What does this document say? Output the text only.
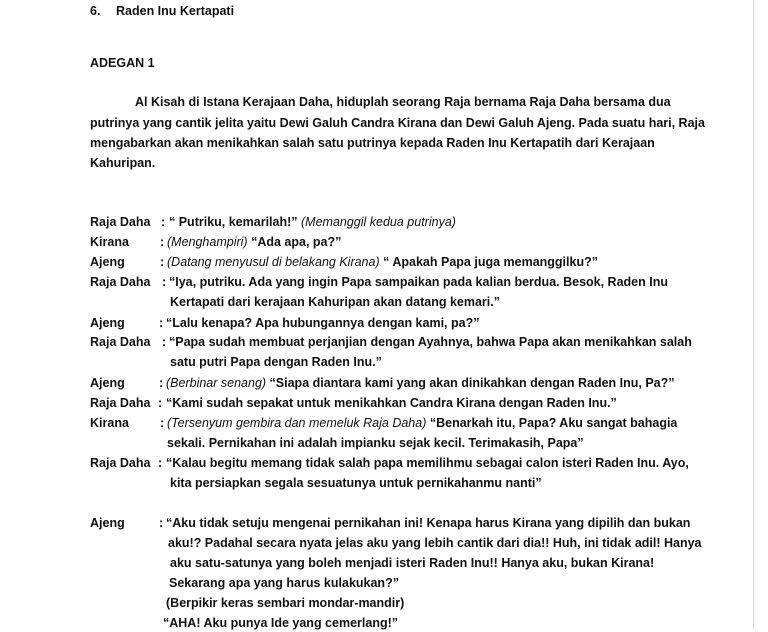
6. Raden Inu Kertapati
ADEGAN 1
Al Kisah di Istana Kerajaan Daha, hiduplah seorang Raja bernama Raja Daha bersama dua
putrinya yang cantik jelita yaitu Dewi Galuh Candra Kirana dan Dewi Galuh Ajeng. Pada suatu hari, Raja
mengabarkan akan menikahkan salah satu putrinya kepada Raden Inu Kertapatih dari Kerajaan
Kahuripan.
Raja Daha : “ Putriku, kemarilah!” (Memanggil kedua putrinya)
Kirana	: (Menghampiri) “Ada apa, pa?”
Ajeng	: (Datang menyusul di belakang Kirana) “ Apakah Papa juga memanggilku?”
Raja Daha : “Iya, putriku. Ada yang ingin Papa sampaikan pada kalian berdua. Besok, Raden Inu
Kertapati dari kerajaan Kahuripan akan datang kemari.”
Ajeng	: “Lalu kenapa? Apa hubungannya dengan kami, pa?”
Raja Daha : “Papa sudah membuat perjanjian dengan Ayahnya, bahwa Papa akan menikahkan salah
satu putri Papa dengan Raden Inu.”
Ajeng	: (Berbinar senang) “Siapa diantara kami yang akan dinikahkan dengan Raden Inu, Pa?”
Raja Daha : “Kami sudah sepakat untuk menikahkan Candra Kirana dengan Raden Inu.”
Kirana	: (Tersenyum gembira dan memeluk Raja Daha) “Benarkah itu, Papa? Aku sangat bahagia
sekali. Pernikahan ini adalah impianku sejak kecil. Terimakasih, Papa”
Raja Daha : “Kalau begitu memang tidak salah papa memilihmu sebagai calon isteri Raden Inu. Ayo,
kita persiapkan segala sesuatunya untuk pernikahanmu nanti”
Ajeng	: “Aku tidak setuju mengenai pernikahan ini! Kenapa harus Kirana yang dipilih dan bukan
aku!? Padahal secara nyata jelas aku yang lebih cantik dari dia!! Huh, ini tidak adil! Hanya
aku satu-satunya yang boleh menjadi isteri Raden Inu!! Hanya aku, bukan Kirana!
Sekarang apa yang harus kulakukan?”
(Berpikir keras sembari mondar-mandir)
“AHA! Aku punya Ide yang cemerlang!”
